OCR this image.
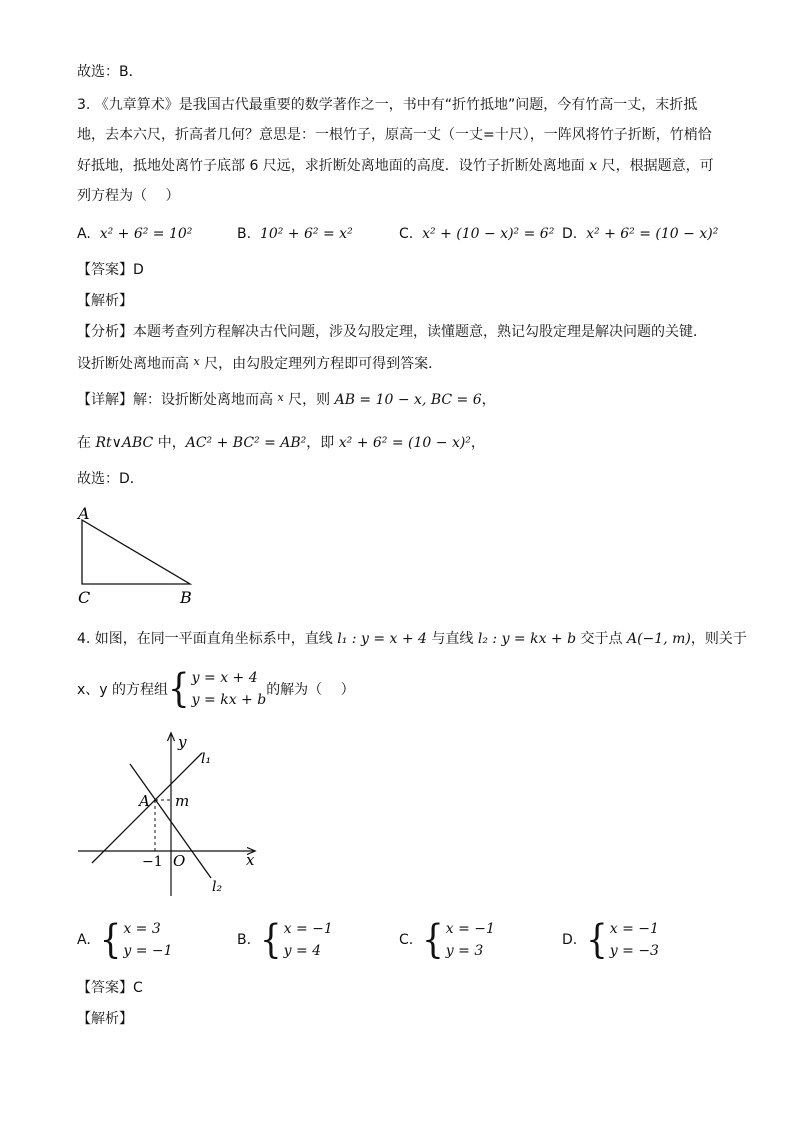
故选：B．
3. 《九章算术》是我国古代最重要的数学著作之一，书中有“折竹抵地”问题，今有竹高一丈，末折抵
地，去本六尺，折高者几何？意思是：一根竹子，原高一丈（一丈=十尺），一阵风将竹子折断，竹梢恰
好抵地，抵地处离竹子底部 6 尺远，求折断处离地面的高度．设竹子折断处离地面 x 尺，根据题意，可
列方程为（　 ）
A. x² + 6² = 10²	B. 10² + 6² = x²	C. x² + (10 − x)² = 6² D. x² + 6² = (10 − x)²
【答案】D
【解析】
【分析】本题考查列方程解决古代问题，涉及勾股定理，读懂题意，熟记勾股定理是解决问题的关键．
设折断处离地而高 $^x$ 尺，由勾股定理列方程即可得到答案．
【详解】解：设折断处离地而高 $^x$ 尺，则 AB = 10 − x, BC = 6，
在 Rt∨ABC 中，AC² + BC² = AB²，即 x² + 6² = (10 − x)²，
故选：D．
A
C	B
4. 如图，在同一平面直角坐标系中，直线 l₁ : y = x + 4 与直线 l₂ : y = kx + b 交于点 A(−1, m)，则关于
x、y 的方程组 { y = x + 4
y = kx + b
的解为（　 ）
y
x
l₁
l₂
A m
O
−1
A.
{ x = 3
y = −1
B.
{ x = −1
y = 4
C.
{ x = −1
y = 3
D.
{ x = −1
y = −3
【答案】C
【解析】
